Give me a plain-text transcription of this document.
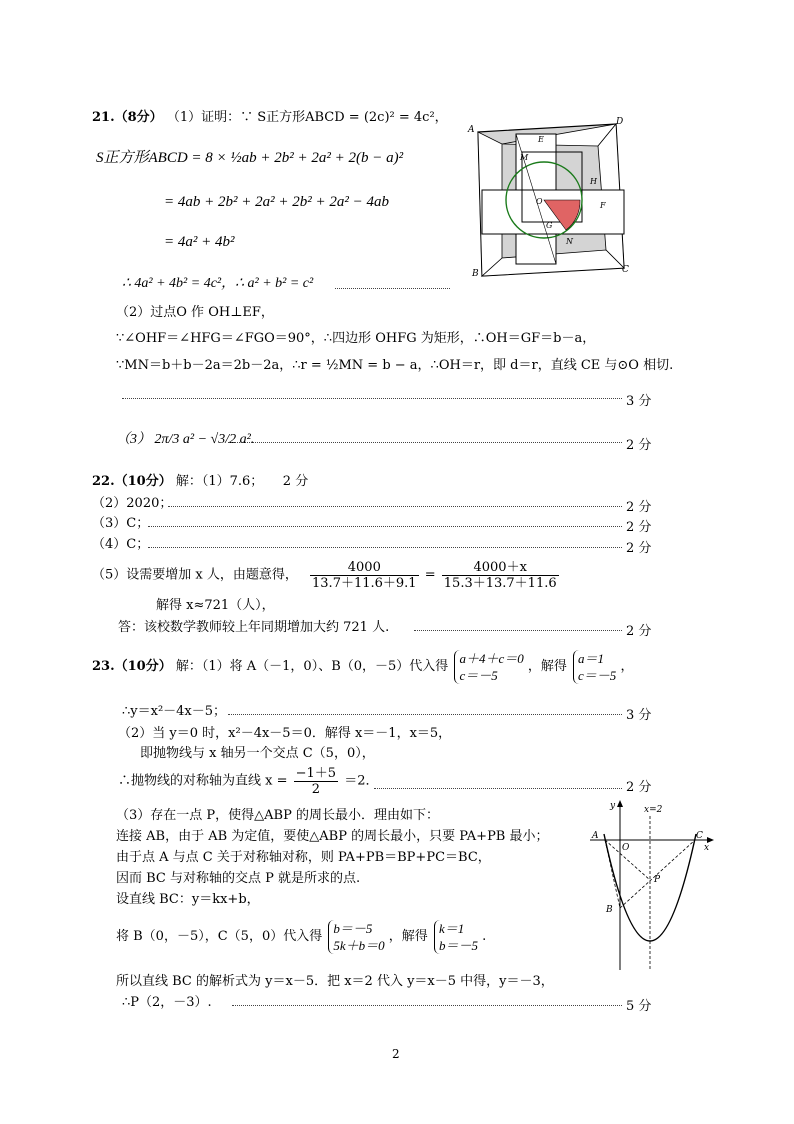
21.（8分） （1）证明：∵ S正方形ABCD = (2c)² = 4c²，
S正方形ABCD = 8 × ½ab + 2b² + 2a² + 2(b − a)²
= 4ab + 2b² + 2a² + 2b² + 2a² − 4ab
= 4a² + 4b²
∴ 4a² + 4b² = 4c²，∴ a² + b² = c²
A
D
B	C
E
M
H
O	F
G
N
（2）过点O 作 OH⊥EF，
∵∠OHF＝∠HFG＝∠FGO＝90°，∴四边形 OHFG 为矩形，∴OH＝GF＝b－a，
∵MN＝b＋b－2a＝2b－2a，∴r = ½MN = b − a，∴OH＝r，即 d＝r，直线 CE 与⊙O 相切.
3 分
（3） 2π/3 a² − √3/2 a².	2 分
22.（10分） 解：（1）7.6；　　2 分
（2）2020；	2 分
（3）C；	2 分
（4）C；	2 分
（5）设需要增加 x 人，由题意得， $\frac{4000}{13.7+11.6+9.1} = \frac{4000+x}{15.3+13.7+11.6}$
解得 x≈721（人），
答：该校数学教师较上年同期增加大约 721 人.	2 分
23.（10分） 解：（1）将 A（－1，0）、B（0，－5）代入得
a＋4＋c＝0
c＝－5
，解得
a＝1
c＝－5
，
∴y＝x²－4x－5；	3 分
（2）当 y＝0 时，x²－4x－5＝0．解得 x＝－1，x＝5，
即抛物线与 x 轴另一个交点 C（5，0），
∴抛物线的对称轴为直线 $x = \frac{-1+5}{2} =2$．	2 分
（3）存在一点 P，使得△ABP 的周长最小．理由如下：
连接 AB，由于 AB 为定值，要使△ABP 的周长最小，只要 PA+PB 最小；
由于点 A 与点 C 关于对称轴对称，则 PA+PB＝BP+PC＝BC，
因而 BC 与对称轴的交点 P 就是所求的点.
设直线 BC：y＝kx+b，
将 B（0，－5），C（5，0）代入得
b＝－5
5k＋b＝0
，解得
k＝1
b＝－5
.
所以直线 BC 的解析式为 y＝x－5．把 x＝2 代入 y＝x－5 中得，y＝－3，
∴P（2，－3）.	5 分
y
x
x=2
A
O
C
P
B
2
